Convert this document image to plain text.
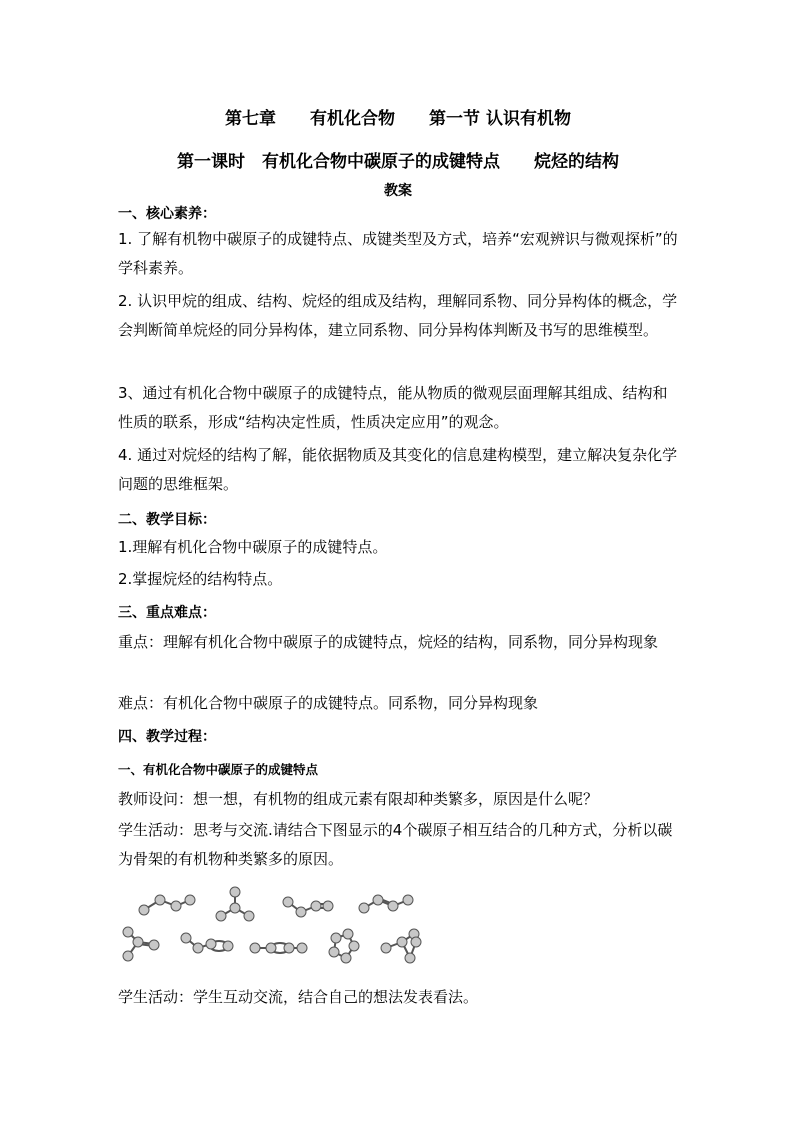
第七章　　有机化合物　　第一节 认识有机物
第一课时　有机化合物中碳原子的成键特点　　烷烃的结构
教案
一、核心素养：
1. 了解有机物中碳原子的成键特点、成键类型及方式，培养“宏观辨识与微观探析”的学科素养。
2. 认识甲烷的组成、结构、烷烃的组成及结构，理解同系物、同分异构体的概念，学会判断简单烷烃的同分异构体，建立同系物、同分异构体判断及书写的思维模型。
3、通过有机化合物中碳原子的成键特点，能从物质的微观层面理解其组成、结构和性质的联系，形成“结构决定性质，性质决定应用”的观念。
4. 通过对烷烃的结构了解，能依据物质及其变化的信息建构模型，建立解决复杂化学问题的思维框架。
二、教学目标：
1.理解有机化合物中碳原子的成键特点。
2.掌握烷烃的结构特点。
三、重点难点：
重点：理解有机化合物中碳原子的成键特点，烷烃的结构，同系物，同分异构现象
难点：有机化合物中碳原子的成键特点。同系物，同分异构现象
四、教学过程：
一、有机化合物中碳原子的成键特点
教师设问：想一想，有机物的组成元素有限却种类繁多，原因是什么呢？
学生活动：思考与交流.请结合下图显示的4个碳原子相互结合的几种方式，分析以碳为骨架的有机物种类繁多的原因。
学生活动：学生互动交流，结合自己的想法发表看法。
